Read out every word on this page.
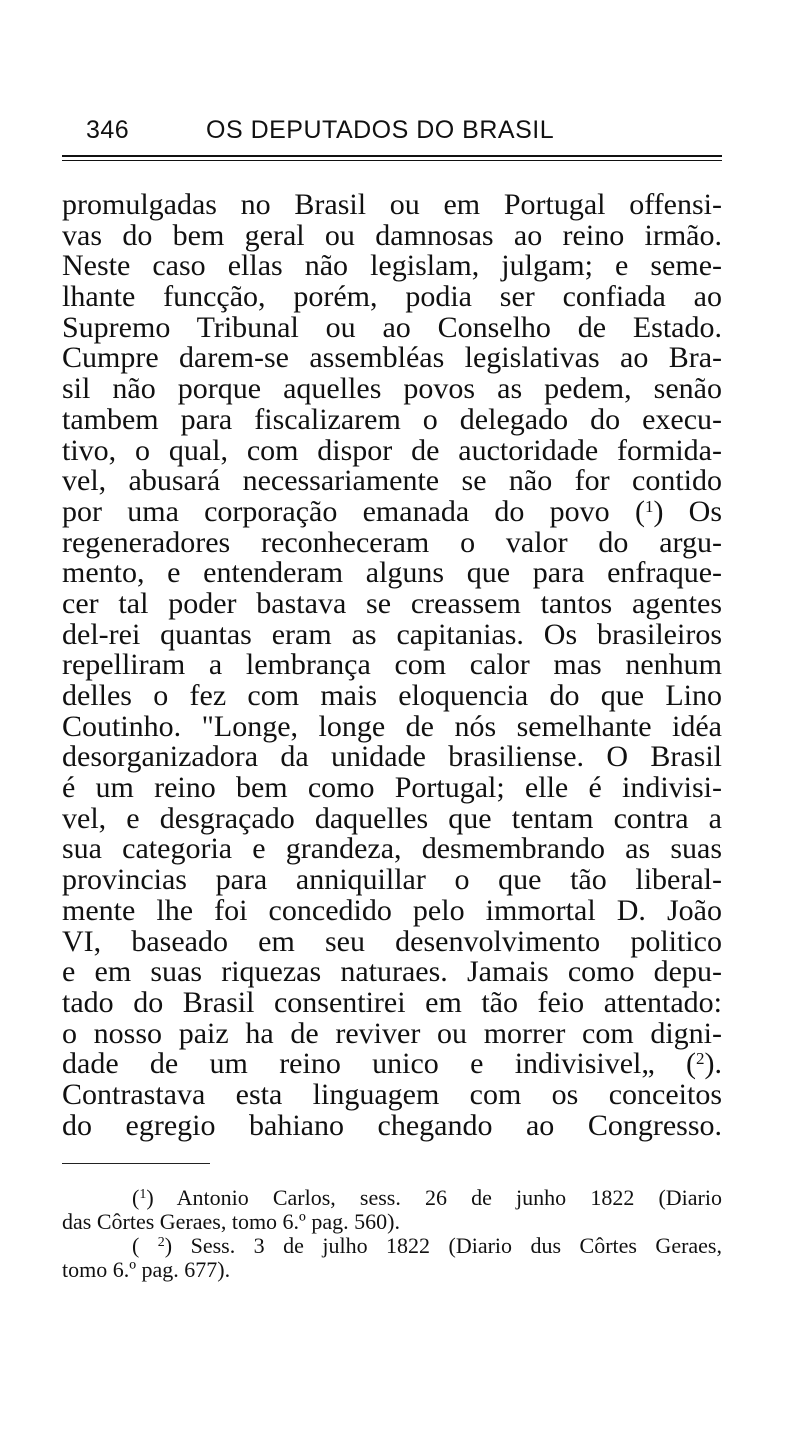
346	OS DEPUTADOS DO BRASIL
promulgadas no Brasil ou em Portugal offensi-
vas do bem geral ou damnosas ao reino irmão.
Neste caso ellas não legislam, julgam; e seme-
lhante funcção, porém, podia ser confiada ao
Supremo Tribunal ou ao Conselho de Estado.
Cumpre darem-se assembléas legislativas ao Bra-
sil não porque aquelles povos as pedem, senão
tambem para fiscalizarem o delegado do execu-
tivo, o qual, com dispor de auctoridade formida-
vel, abusará necessariamente se não for contido
por uma corporação emanada do povo ($^1$) Os
regeneradores reconheceram o valor do argu-
mento, e entenderam alguns que para enfraque-
cer tal poder bastava se creassem tantos agentes
del-rei quantas eram as capitanias. Os brasileiros
repelliram a lembrança com calor mas nenhum
delles o fez com mais eloquencia do que Lino
Coutinho. "Longe, longe de nós semelhante idéa
desorganizadora da unidade brasiliense. O Brasil
é um reino bem como Portugal; elle é indivisi-
vel, e desgraçado daquelles que tentam contra a
sua categoria e grandeza, desmembrando as suas
provincias para anniquillar o que tão liberal-
mente lhe foi concedido pelo immortal D. João
VI, baseado em seu desenvolvimento politico
e em suas riquezas naturaes. Jamais como depu-
tado do Brasil consentirei em tão feio attentado:
o nosso paiz ha de reviver ou morrer com digni-
dade de um reino unico e indivisivel„ ($^2$).
Contrastava esta linguagem com os conceitos
do egregio bahiano chegando ao Congresso.
($^1$) Antonio Carlos, sess. 26 de junho 1822 (Diario
das Côrtes Geraes, tomo 6.º pag. 560).
( $^2$) Sess. 3 de julho 1822 (Diario dus Côrtes Geraes,
tomo 6.º pag. 677).
